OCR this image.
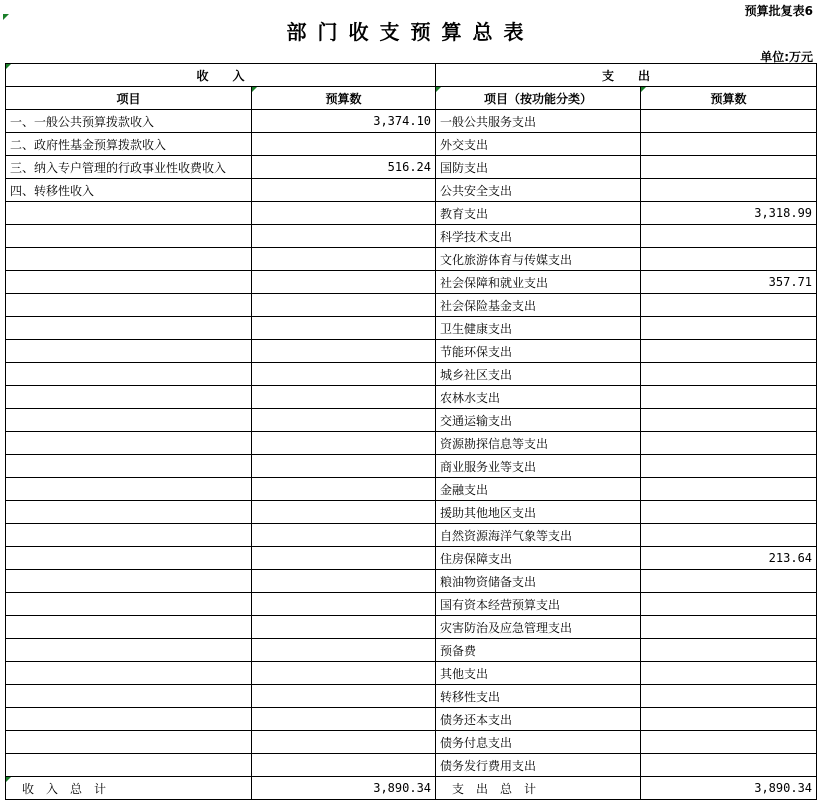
预算批复表6
部门收支预算总表
单位:万元
收　　入		支　　出	
项目	预算数	项目（按功能分类）	预算数
一、一般公共预算拨款收入	3,374.10	一般公共服务支出	
二、政府性基金预算拨款收入		外交支出	
三、纳入专户管理的行政事业性收费收入	516.24	国防支出	
四、转移性收入		公共安全支出	
		教育支出	3,318.99
		科学技术支出	
		文化旅游体育与传媒支出	
		社会保障和就业支出	357.71
		社会保险基金支出	
		卫生健康支出	
		节能环保支出	
		城乡社区支出	
		农林水支出	
		交通运输支出	
		资源勘探信息等支出	
		商业服务业等支出	
		金融支出	
		援助其他地区支出	
		自然资源海洋气象等支出	
		住房保障支出	213.64
		粮油物资储备支出	
		国有资本经营预算支出	
		灾害防治及应急管理支出	
		预备费	
		其他支出	
		转移性支出	
		债务还本支出	
		债务付息支出	
		债务发行费用支出	

　收　入　总　计	3,890.34	　支　出　总　计	3,890.34
